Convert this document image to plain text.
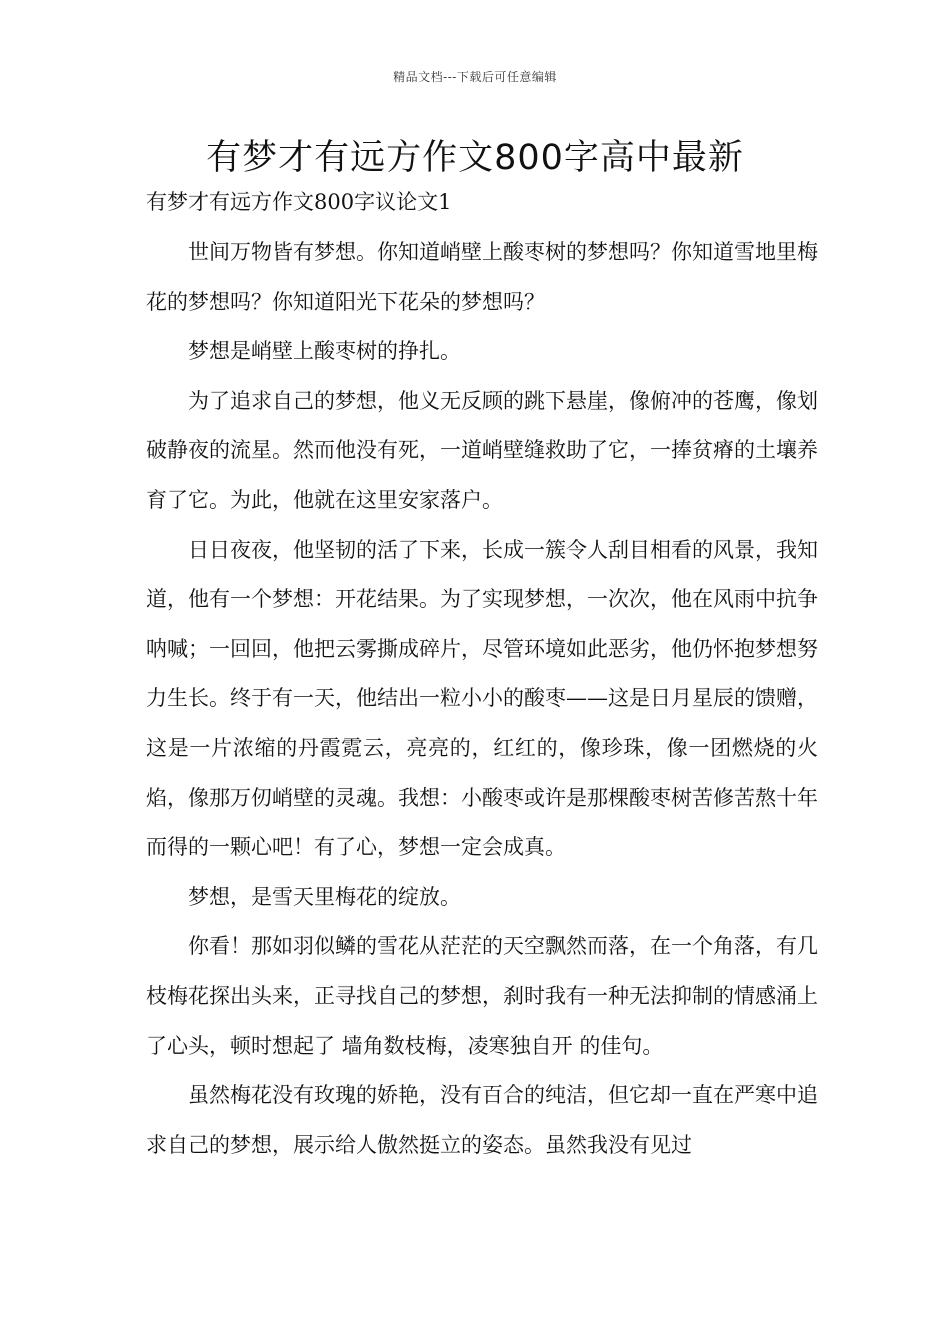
精品文档---下载后可任意编辑
有梦才有远方作文800字高中最新
有梦才有远方作文800字议论文1

世间万物皆有梦想。你知道峭壁上酸枣树的梦想吗？你知道雪地里梅花的梦想吗？你知道阳光下花朵的梦想吗？

梦想是峭壁上酸枣树的挣扎。

为了追求自己的梦想，他义无反顾的跳下悬崖，像俯冲的苍鹰，像划破静夜的流星。然而他没有死，一道峭壁缝救助了它，一捧贫瘠的土壤养育了它。为此，他就在这里安家落户。

日日夜夜，他坚韧的活了下来，长成一簇令人刮目相看的风景，我知道，他有一个梦想：开花结果。为了实现梦想，一次次，他在风雨中抗争呐喊；一回回，他把云雾撕成碎片，尽管环境如此恶劣，他仍怀抱梦想努力生长。终于有一天，他结出一粒小小的酸枣——这是日月星辰的馈赠，这是一片浓缩的丹霞霓云，亮亮的，红红的，像珍珠，像一团燃烧的火焰，像那万仞峭壁的灵魂。我想：小酸枣或许是那棵酸枣树苦修苦熬十年而得的一颗心吧！有了心，梦想一定会成真。

梦想，是雪天里梅花的绽放。

你看！那如羽似鳞的雪花从茫茫的天空飘然而落，在一个角落，有几枝梅花探出头来，正寻找自己的梦想，刹时我有一种无法抑制的情感涌上了心头，顿时想起了 墙角数枝梅，凌寒独自开 的佳句。

虽然梅花没有玫瑰的娇艳，没有百合的纯洁，但它却一直在严寒中追求自己的梦想，展示给人傲然挺立的姿态。虽然我没有见过
